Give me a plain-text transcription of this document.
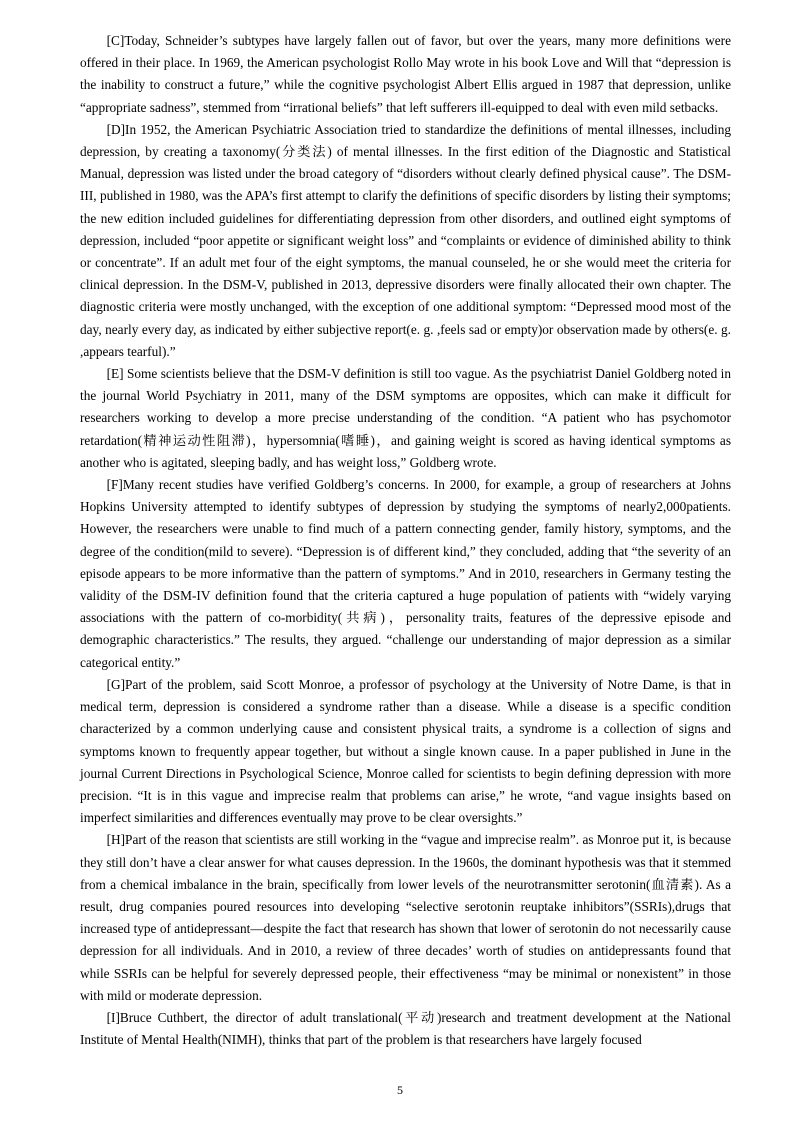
[C]Today, Schneider’s subtypes have largely fallen out of favor, but over the years, many more definitions were offered in their place. In 1969, the American psychologist Rollo May wrote in his book Love and Will that “depression is the inability to construct a future,” while the cognitive psychologist Albert Ellis argued in 1987 that depression, unlike “appropriate sadness”, stemmed from “irrational beliefs” that left sufferers ill-equipped to deal with even mild setbacks.

[D]In 1952, the American Psychiatric Association tried to standardize the definitions of mental illnesses, including depression, by creating a taxonomy(分类法) of mental illnesses. In the first edition of the Diagnostic and Statistical Manual, depression was listed under the broad category of “disorders without clearly defined physical cause”. The DSM-III, published in 1980, was the APA’s first attempt to clarify the definitions of specific disorders by listing their symptoms; the new edition included guidelines for differentiating depression from other disorders, and outlined eight symptoms of depression, included “poor appetite or significant weight loss” and “complaints or evidence of diminished ability to think or concentrate”. If an adult met four of the eight symptoms, the manual counseled, he or she would meet the criteria for clinical depression. In the DSM-V, published in 2013, depressive disorders were finally allocated their own chapter. The diagnostic criteria were mostly unchanged, with the exception of one additional symptom: “Depressed mood most of the day, nearly every day, as indicated by either subjective report(e. g. ,feels sad or empty)or observation made by others(e. g. ,appears tearful).”

[E] Some scientists believe that the DSM-V definition is still too vague. As the psychiatrist Daniel Goldberg noted in the journal World Psychiatry in 2011, many of the DSM symptoms are opposites, which can make it difficult for researchers working to develop a more precise understanding of the condition. “A patient who has psychomotor retardation(精神运动性阻滞)，hypersomnia(嗜睡)，and gaining weight is scored as having identical symptoms as another who is agitated, sleeping badly, and has weight loss,” Goldberg wrote.

[F]Many recent studies have verified Goldberg’s concerns. In 2000, for example, a group of researchers at Johns Hopkins University attempted to identify subtypes of depression by studying the symptoms of nearly2,000patients. However, the researchers were unable to find much of a pattern connecting gender, family history, symptoms, and the degree of the condition(mild to severe). “Depression is of different kind,” they concluded, adding that “the severity of an episode appears to be more informative than the pattern of symptoms.” And in 2010, researchers in Germany testing the validity of the DSM-IV definition found that the criteria captured a huge population of patients with “widely varying associations with the pattern of co-morbidity(共病)，personality traits, features of the depressive episode and demographic characteristics.” The results, they argued. “challenge our understanding of major depression as a similar categorical entity.”

[G]Part of the problem, said Scott Monroe, a professor of psychology at the University of Notre Dame, is that in medical term, depression is considered a syndrome rather than a disease. While a disease is a specific condition characterized by a common underlying cause and consistent physical traits, a syndrome is a collection of signs and symptoms known to frequently appear together, but without a single known cause. In a paper published in June in the journal Current Directions in Psychological Science, Monroe called for scientists to begin defining depression with more precision. “It is in this vague and imprecise realm that problems can arise,” he wrote, “and vague insights based on imperfect similarities and differences eventually may prove to be clear oversights.”

[H]Part of the reason that scientists are still working in the “vague and imprecise realm”. as Monroe put it, is because they still don’t have a clear answer for what causes depression. In the 1960s, the dominant hypothesis was that it stemmed from a chemical imbalance in the brain, specifically from lower levels of the neurotransmitter serotonin(血清素). As a result, drug companies poured resources into developing “selective serotonin reuptake inhibitors”(SSRIs),drugs that increased type of antidepressant—despite the fact that research has shown that lower of serotonin do not necessarily cause depression for all individuals. And in 2010, a review of three decades’ worth of studies on antidepressants found that while SSRIs can be helpful for severely depressed people, their effectiveness “may be minimal or nonexistent” in those with mild or moderate depression.

[I]Bruce Cuthbert, the director of adult translational(平动)research and treatment development at the National Institute of Mental Health(NIMH), thinks that part of the problem is that researchers have largely focused

5
